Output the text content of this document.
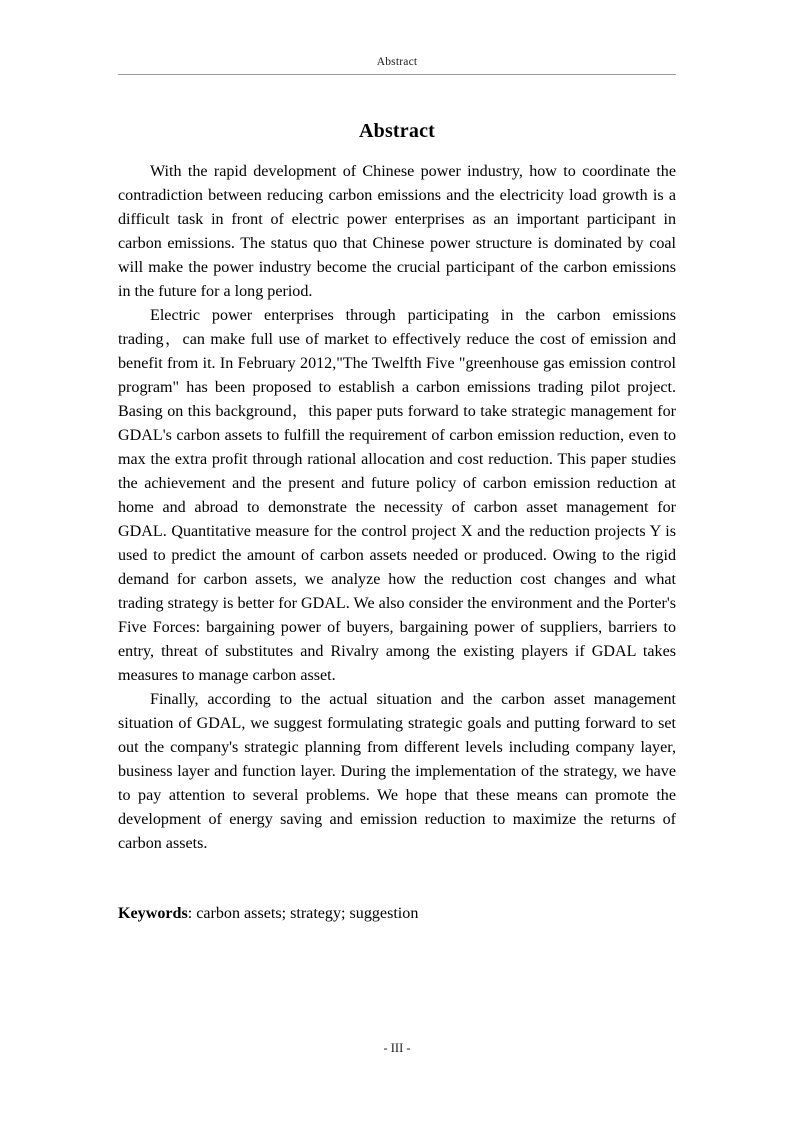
Abstract
Abstract

With the rapid development of Chinese power industry, how to coordinate the contradiction between reducing carbon emissions and the electricity load growth is a difficult task in front of electric power enterprises as an important participant in carbon emissions. The status quo that Chinese power structure is dominated by coal will make the power industry become the crucial participant of the carbon emissions in the future for a long period.

Electric power enterprises through participating in the carbon emissions trading，can make full use of market to effectively reduce the cost of emission and benefit from it. In February 2012,"The Twelfth Five "greenhouse gas emission control program" has been proposed to establish a carbon emissions trading pilot project. Basing on this background，this paper puts forward to take strategic management for GDAL's carbon assets to fulfill the requirement of carbon emission reduction, even to max the extra profit through rational allocation and cost reduction. This paper studies the achievement and the present and future policy of carbon emission reduction at home and abroad to demonstrate the necessity of carbon asset management for GDAL. Quantitative measure for the control project X and the reduction projects Y is used to predict the amount of carbon assets needed or produced. Owing to the rigid demand for carbon assets, we analyze how the reduction cost changes and what trading strategy is better for GDAL. We also consider the environment and the Porter's Five Forces: bargaining power of buyers, bargaining power of suppliers, barriers to entry, threat of substitutes and Rivalry among the existing players if GDAL takes measures to manage carbon asset.

Finally, according to the actual situation and the carbon asset management situation of GDAL, we suggest formulating strategic goals and putting forward to set out the company's strategic planning from different levels including company layer, business layer and function layer. During the implementation of the strategy, we have to pay attention to several problems. We hope that these means can promote the development of energy saving and emission reduction to maximize the returns of carbon assets.

Keywords: carbon assets; strategy; suggestion

- III -
